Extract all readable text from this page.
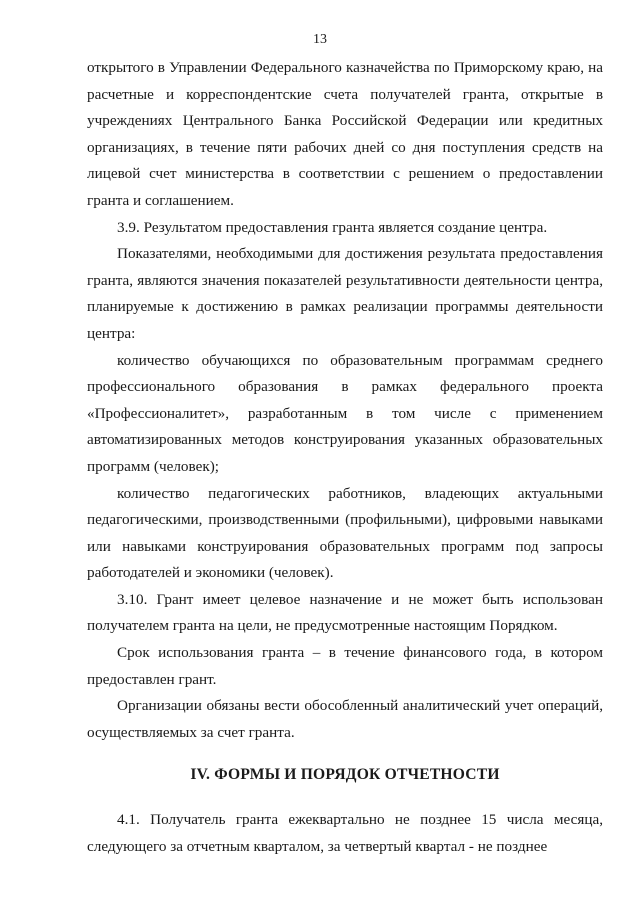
13

открытого в Управлении Федерального казначейства по Приморскому краю, на расчетные и корреспондентские счета получателей гранта, открытые в учреждениях Центрального Банка Российской Федерации или кредитных организациях, в течение пяти рабочих дней со дня поступления средств на лицевой счет министерства в соответствии с решением о предоставлении гранта и соглашением.

3.9. Результатом предоставления гранта является создание центра.

Показателями, необходимыми для достижения результата предоставления гранта, являются значения показателей результативности деятельности центра, планируемые к достижению в рамках реализации программы деятельности центра:

количество обучающихся по образовательным программам среднего профессионального образования в рамках федерального проекта «Профессионалитет», разработанным в том числе с применением автоматизированных методов конструирования указанных образовательных программ (человек);

количество педагогических работников, владеющих актуальными педагогическими, производственными (профильными), цифровыми навыками или навыками конструирования образовательных программ под запросы работодателей и экономики (человек).

3.10. Грант имеет целевое назначение и не может быть использован получателем гранта на цели, не предусмотренные настоящим Порядком.

Срок использования гранта – в течение финансового года, в котором предоставлен грант.

Организации обязаны вести обособленный аналитический учет операций, осуществляемых за счет гранта.

IV. ФОРМЫ И ПОРЯДОК ОТЧЕТНОСТИ

4.1. Получатель гранта ежеквартально не позднее 15 числа месяца, следующего за отчетным кварталом, за четвертый квартал - не позднее
